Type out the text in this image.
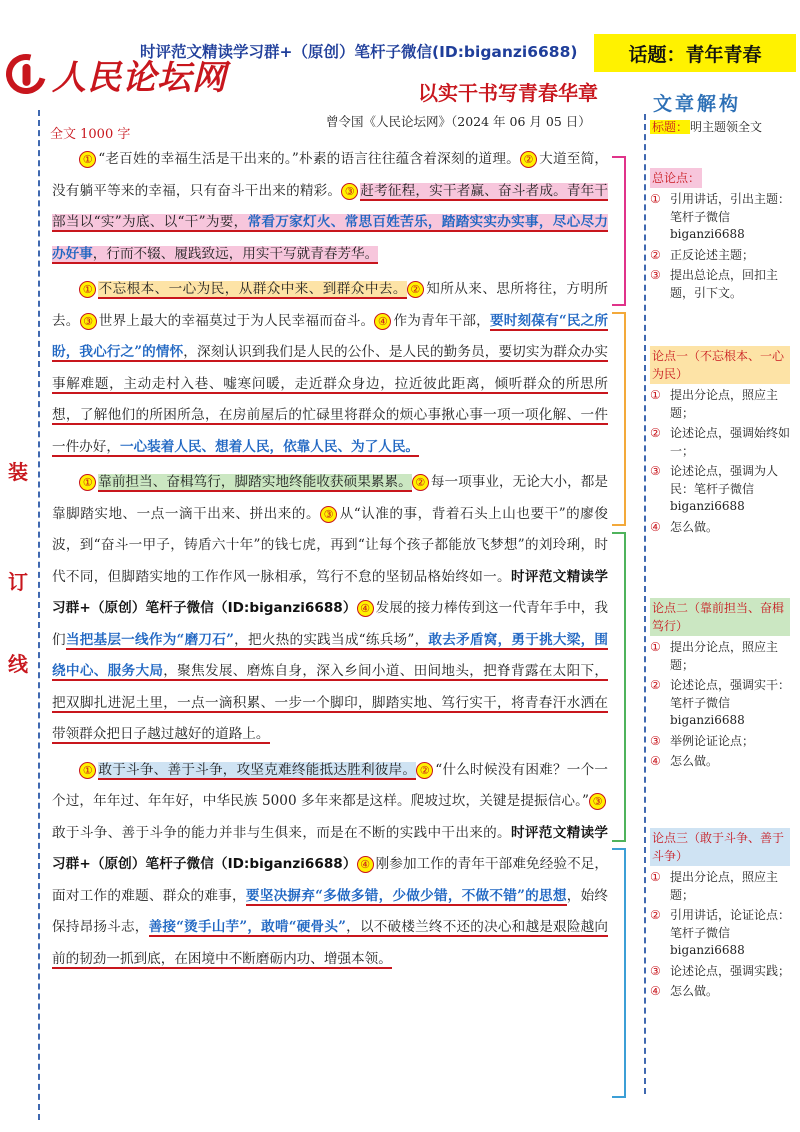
人民论坛网
时评范文精读学习群+（原创）笔杆子微信(ID:biganzi6688)	话题：青年青春
以实干书写青春华章
曾令国《人民论坛网》（2024 年 06 月 05 日）
全文 1000 字
文章解构
装
订
线

① “老百姓的幸福生活是干出来的。”朴素的语言往往蕴含着深刻的道理。 ② 大道至简，没有躺平等来的幸福，只有奋斗干出来的精彩。 ③ 赶考征程，实干者赢、奋斗者成。青年干部当以“实”为底、以“干”为要，常看万家灯火、常思百姓苦乐，踏踏实实办实事，尽心尽力办好事，行而不辍、履践致远，用实干写就青春芳华。

① 不忘根本、一心为民，从群众中来、到群众中去。 ② 知所从来、思所将往，方明所去。 ③ 世界上最大的幸福莫过于为人民幸福而奋斗。 ④ 作为青年干部，要时刻葆有“民之所盼，我心行之”的情怀，深刻认识到我们是人民的公仆、是人民的勤务员，要切实为群众办实事解难题，主动走村入巷、嘘寒问暖，走近群众身边，拉近彼此距离，倾听群众的所思所想，了解他们的所困所急，在房前屋后的忙碌里将群众的烦心事揪心事一项一项化解、一件一件办好，一心装着人民、想着人民，依靠人民、为了人民。

① 靠前担当、奋楫笃行，脚踏实地终能收获硕果累累。 ② 每一项事业，无论大小，都是靠脚踏实地、一点一滴干出来、拼出来的。 ③ 从“认准的事，背着石头上山也要干”的廖俊波，到“奋斗一甲子，铸盾六十年”的钱七虎，再到“让每个孩子都能放飞梦想”的刘玲琍，时代不同，但脚踏实地的工作作风一脉相承，笃行不怠的坚韧品格始终如一。时评范文精读学习群+（原创）笔杆子微信（ID:biganzi6688） ④ 发展的接力棒传到这一代青年手中，我们当把基层一线作为“磨刀石”，把火热的实践当成“练兵场”，敢去矛盾窝，勇于挑大梁，围绕中心、服务大局，聚焦发展、磨炼自身，深入乡间小道、田间地头，把脊背露在太阳下，把双脚扎进泥土里，一点一滴积累、一步一个脚印，脚踏实地、笃行实干，将青春汗水洒在带领群众把日子越过越好的道路上。

① 敢于斗争、善于斗争，攻坚克难终能抵达胜利彼岸。 ② “什么时候没有困难？一个一个过，年年过、年年好，中华民族 5000 多年来都是这样。爬坡过坎，关键是提振信心。” ③敢于斗争、善于斗争的能力并非与生俱来，而是在不断的实践中干出来的。时评范文精读学习群+（原创）笔杆子微信（ID:biganzi6688） ④ 刚参加工作的青年干部难免经验不足，面对工作的难题、群众的难事，要坚决摒弃“多做多错，少做少错，不做不错”的思想，始终保持昂扬斗志，善接“烫手山芋”，敢啃“硬骨头”，以不破楼兰终不还的决心和越是艰险越向前的韧劲一抓到底，在困境中不断磨砺内功、增强本领。

标题： 明主题领全文
总论点：
① 引用讲话，引出主题：笔杆子微信 biganzi6688
② 正反论述主题；
③ 提出总论点，回扣主题，引下文。
论点一（不忘根本、一心为民）
① 提出分论点，照应主题；
② 论述论点，强调始终如一；
③ 论述论点，强调为人民：笔杆子微信 biganzi6688
④ 怎么做。
论点二（靠前担当、奋楫笃行）
① 提出分论点，照应主题；
② 论述论点，强调实干：笔杆子微信 biganzi6688
③ 举例论证论点；
④ 怎么做。
论点三（敢于斗争、善于斗争）
① 提出分论点，照应主题；
② 引用讲话，论证论点：笔杆子微信 biganzi6688
③ 论述论点，强调实践；
④ 怎么做。
